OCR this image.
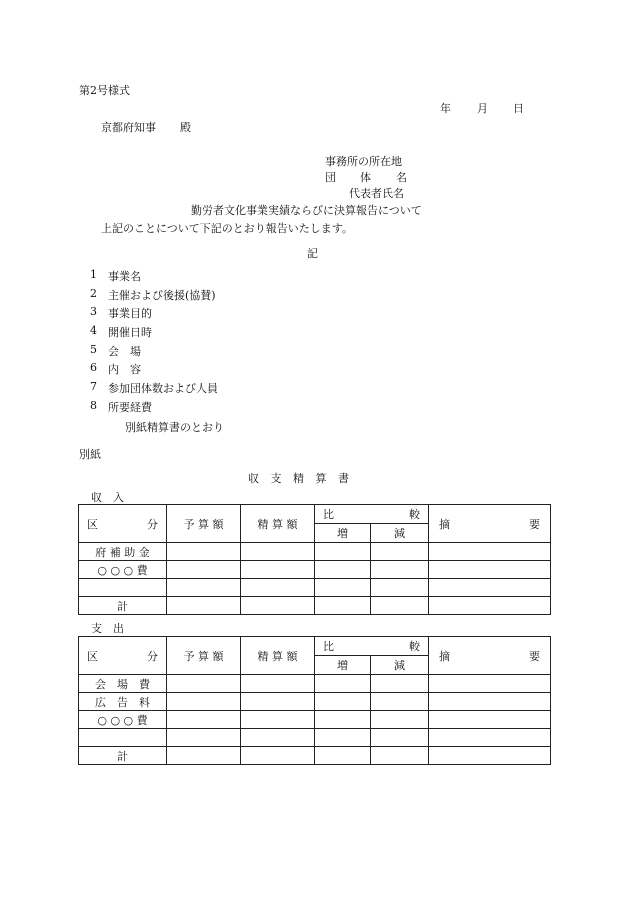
第2号様式
年 月 日
京都府知事 殿
事務所の所在地
団 体 名
代表者氏名
勤労者文化事業実績ならびに決算報告について
上記のことについて下記のとおり報告いたします。
記
1	事業名
2	主催および後援(協賛)
3	事業目的
4	開催日時
5	会　場
6	内　容
7	参加団体数および人員
8	所要経費
別紙精算書のとおり
別紙
収 支 精 算 書
収　入
区 分	予 算 額	精 算 額	比 較		摘 要

			増	減	
府 補 助 金					
○ ○ ○ 費					

計					
支　出
区 分	予 算 額	精 算 額	比 較		摘 要

			増	減	
会　場　費					
広　告　料					
○ ○ ○ 費					

計					
